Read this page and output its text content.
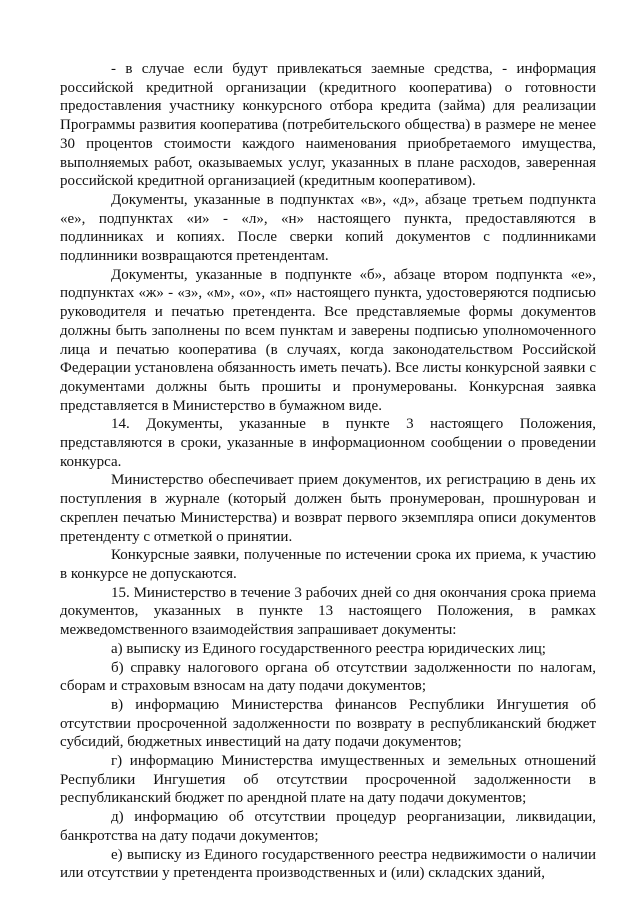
- в случае если будут привлекаться заемные средства, - информация российской кредитной организации (кредитного кооператива) о готовности предоставления участнику конкурсного отбора кредита (займа) для реализации Программы развития кооператива (потребительского общества) в размере не менее 30 процентов стоимости каждого наименования приобретаемого имущества, выполняемых работ, оказываемых услуг, указанных в плане расходов, заверенная российской кредитной организацией (кредитным кооперативом).

Документы, указанные в подпунктах «в», «д», абзаце третьем подпункта «е», подпунктах «и» - «л», «н» настоящего пункта, предоставляются в подлинниках и копиях. После сверки копий документов с подлинниками подлинники возвращаются претендентам.

Документы, указанные в подпункте «б», абзаце втором подпункта «е», подпунктах «ж» - «з», «м», «о», «п» настоящего пункта, удостоверяются подписью руководителя и печатью претендента. Все представляемые формы документов должны быть заполнены по всем пунктам и заверены подписью уполномоченного лица и печатью кооператива (в случаях, когда законодательством Российской Федерации установлена обязанность иметь печать). Все листы конкурсной заявки с документами должны быть прошиты и пронумерованы. Конкурсная заявка представляется в Министерство в бумажном виде.

14. Документы, указанные в пункте 3 настоящего Положения, представляются в сроки, указанные в информационном сообщении о проведении конкурса.

Министерство обеспечивает прием документов, их регистрацию в день их поступления в журнале (который должен быть пронумерован, прошнурован и скреплен печатью Министерства) и возврат первого экземпляра описи документов претенденту с отметкой о принятии.

Конкурсные заявки, полученные по истечении срока их приема, к участию в конкурсе не допускаются.

15. Министерство в течение 3 рабочих дней со дня окончания срока приема документов, указанных в пункте 13 настоящего Положения, в рамках межведомственного взаимодействия запрашивает документы:

а) выписку из Единого государственного реестра юридических лиц;

б) справку налогового органа об отсутствии задолженности по налогам, сборам и страховым взносам на дату подачи документов;

в) информацию Министерства финансов Республики Ингушетия об отсутствии просроченной задолженности по возврату в республиканский бюджет субсидий, бюджетных инвестиций на дату подачи документов;

г) информацию Министерства имущественных и земельных отношений Республики Ингушетия об отсутствии просроченной задолженности в республиканский бюджет по арендной плате на дату подачи документов;

д) информацию об отсутствии процедур реорганизации, ликвидации, банкротства на дату подачи документов;

е) выписку из Единого государственного реестра недвижимости о наличии или отсутствии у претендента производственных и (или) складских зданий,
